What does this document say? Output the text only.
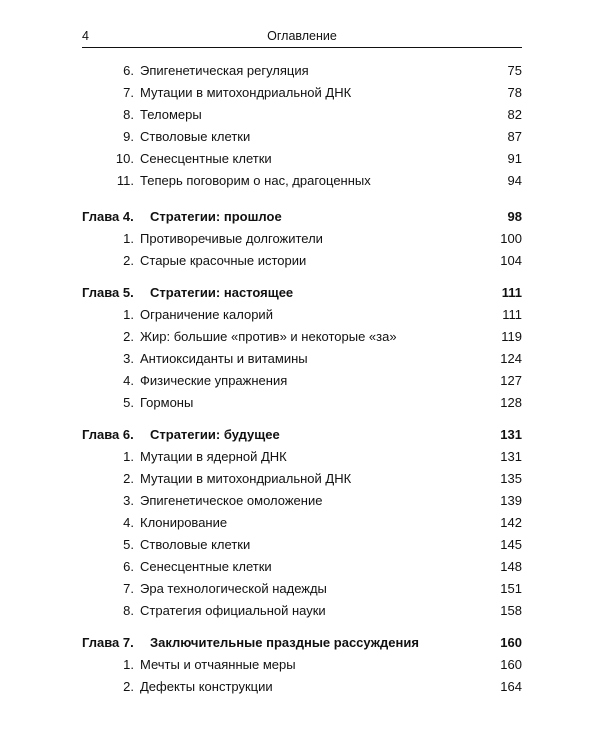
4	Оглавление
6. Эпигенетическая регуляция .....	75
7. Мутации в митохондриальной ДНК .....	78
8. Теломеры .....	82
9. Стволовые клетки .....	87
10. Сенесцентные клетки .....	91
11. Теперь поговорим о нас, драгоценных .....	94
Глава 4.	Стратегии: прошлое .....	98
1. Противоречивые долгожители .....	100
2. Старые красочные истории .....	104
Глава 5.	Стратегии: настоящее .....	111
1. Ограничение калорий .....	111
2. Жир: большие «против» и некоторые «за» .....	119
3. Антиоксиданты и витамины .....	124
4. Физические упражнения .....	127
5. Гормоны .....	128
Глава 6.	Стратегии: будущее .....	131
1. Мутации в ядерной ДНК .....	131
2. Мутации в митохондриальной ДНК .....	135
3. Эпигенетическое омоложение .....	139
4. Клонирование .....	142
5. Стволовые клетки .....	145
6. Сенесцентные клетки .....	148
7. Эра технологической надежды .....	151
8. Стратегия официальной науки .....	158
Глава 7.	Заключительные праздные рассуждения .....	160
1. Мечты и отчаянные меры .....	160
2. Дефекты конструкции .....	164
